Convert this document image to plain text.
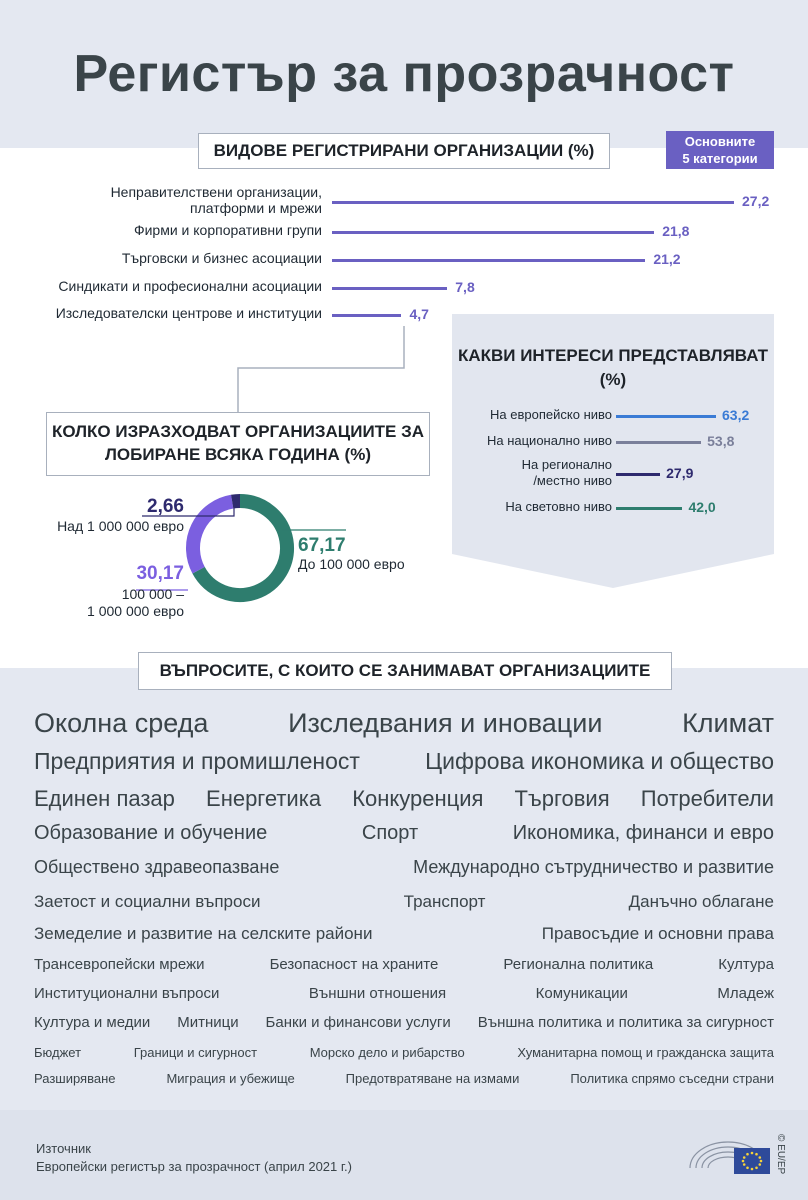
Регистър за прозрачност
ВИДОВЕ РЕГИСТРИРАНИ ОРГАНИЗАЦИИ (%)	Основните
5 категории
Неправителствени организации,
платформи и мрежи	27,2
Фирми и корпоративни групи	21,8
Търговски и бизнес асоциации	21,2
Синдикати и професионални асоциации	7,8
Изследователски центрове и институции	4,7
КАКВИ ИНТЕРЕСИ ПРЕДСТАВЛЯВАТ (%)
На европейско ниво	63,2
На национално ниво	53,8
На регионално
/местно ниво	27,9
На световно ниво	42,0
КОЛКО ИЗРАЗХОДВАТ ОРГАНИЗАЦИИТЕ ЗА ЛОБИРАНЕ ВСЯКА ГОДИНА (%)
67,17
До 100 000 евро
30,17
100 000 –
1 000 000 евро
2,66
Над 1 000 000 евро
ВЪПРОСИТЕ, С КОИТО СЕ ЗАНИМАВАТ ОРГАНИЗАЦИИТЕ
Околна среда	Изследвания и иновации	Климат
Предприятия и промишленост	Цифрова икономика и общество
Единен пазар Енергетика Конкуренция Търговия Потребители
Образование и обучение	Спорт	Икономика, финанси и евро
Обществено здравеопазване	Международно сътрудничество и развитие
Заетост и социални въпроси	Транспорт	Данъчно облагане
Земеделие и развитие на селските райони	Правосъдие и основни права
Трансевропейски мрежи	Безопасност на храните	Регионална политика	Култура
Институционални въпроси	Външни отношения	Комуникации	Младеж
Култура и медии Митници Банки и финансови услуги Външна политика и политика за сигурност
Бюджет	Граници и сигурност	Морско дело и рибарство	Хуманитарна помощ и гражданска защита
Разширяване	Миграция и убежище	Предотвратяване на измами	Политика спрямо съседни страни
Източник
Европейски регистър за прозрачност (април 2021 г.)	© EU/EP
